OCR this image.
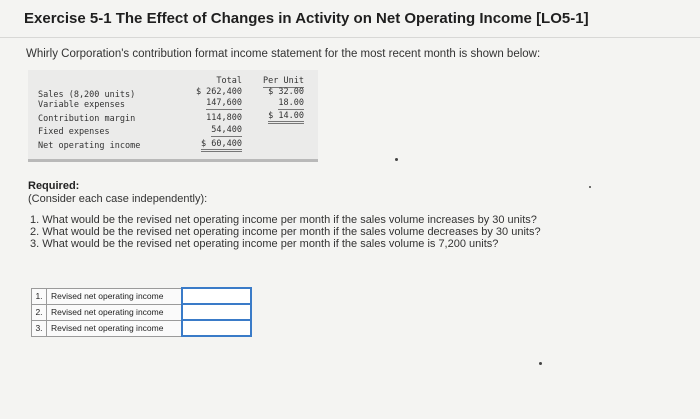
Exercise 5-1 The Effect of Changes in Activity on Net Operating Income [LO5-1]
Whirly Corporation's contribution format income statement for the most recent month is shown below:
Total Per Unit
Sales (8,200 units)	$ 262,400	$ 32.00
Variable expenses	147,600	18.00
Contribution margin	114,800	$ 14.00
Fixed expenses	54,400
Net operating income	$ 60,400
Required:
(Consider each case independently):
1. What would be the revised net operating income per month if the sales volume increases by 30 units?
2. What would be the revised net operating income per month if the sales volume decreases by 30 units?
3. What would be the revised net operating income per month if the sales volume is 7,200 units?
1.	Revised net operating income	
2.	Revised net operating income	
3.	Revised net operating income	
